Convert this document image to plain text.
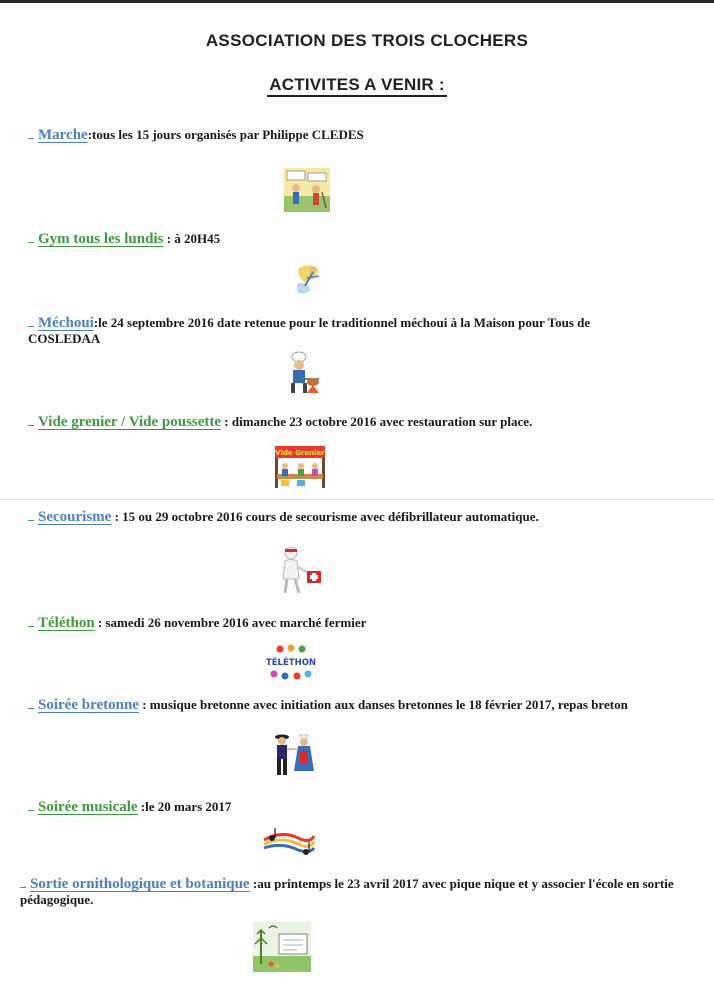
ASSOCIATION DES TROIS CLOCHERS
ACTIVITES A VENIR :
Marche:tous les 15 jours organisés par Philippe CLEDES
Gym tous les lundis : à 20H45
Méchoui:le 24 septembre 2016 date retenue pour le traditionnel méchoui à la Maison pour Tous de COSLEDAA
Vide grenier / Vide poussette : dimanche 23 octobre 2016 avec restauration sur place.
Vide Grenier
Secourisme : 15 ou 29 octobre 2016 cours de secourisme avec défibrillateur automatique.
Téléthon : samedi 26 novembre 2016 avec marché fermier
TÉLÉTHON
Soirée bretonne : musique bretonne avec initiation aux danses bretonnes le 18 février 2017, repas breton
Soirée musicale :le 20 mars 2017
Sortie ornithologique et botanique :au printemps le 23 avril 2017 avec pique nique et y associer l'école en sortie pédagogique.
